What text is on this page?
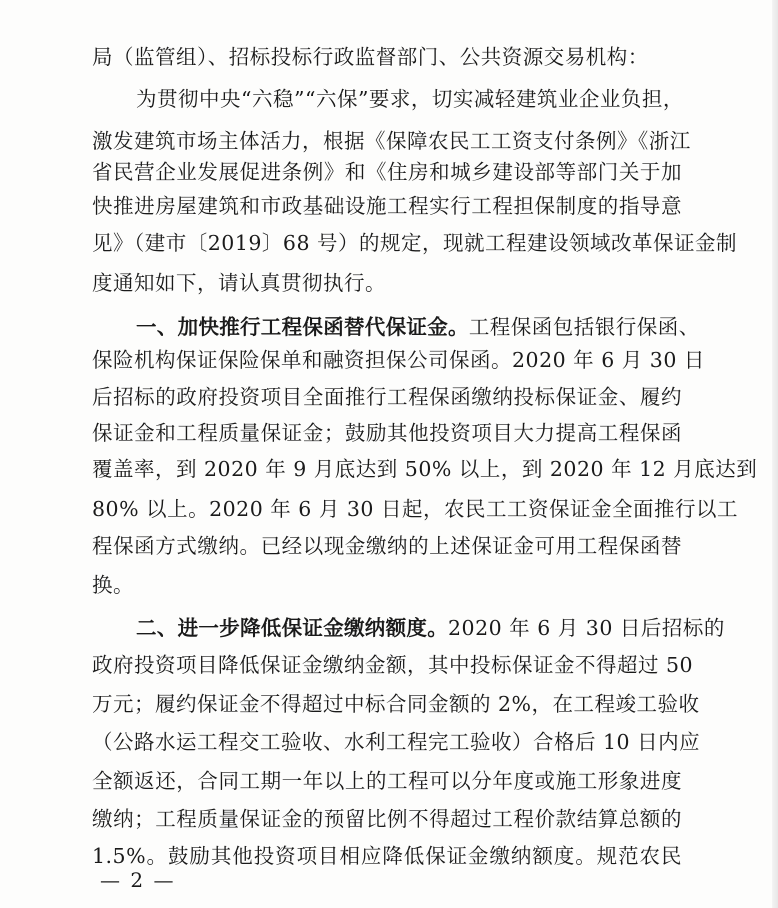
局（监管组）、招标投标行政监督部门、公共资源交易机构：
为贯彻中央“六稳”“六保”要求，切实减轻建筑业企业负担，
激发建筑市场主体活力，根据《保障农民工工资支付条例》《浙江
省民营企业发展促进条例》和《住房和城乡建设部等部门关于加
快推进房屋建筑和市政基础设施工程实行工程担保制度的指导意
见》（建市〔2019〕68 号）的规定，现就工程建设领域改革保证金制
度通知如下，请认真贯彻执行。
一、加快推行工程保函替代保证金。工程保函包括银行保函、
保险机构保证保险保单和融资担保公司保函。2020 年 6 月 30 日
后招标的政府投资项目全面推行工程保函缴纳投标保证金、履约
保证金和工程质量保证金；鼓励其他投资项目大力提高工程保函
覆盖率，到 2020 年 9 月底达到 50% 以上，到 2020 年 12 月底达到
80% 以上。2020 年 6 月 30 日起，农民工工资保证金全面推行以工
程保函方式缴纳。已经以现金缴纳的上述保证金可用工程保函替
换。
二、进一步降低保证金缴纳额度。2020 年 6 月 30 日后招标的
政府投资项目降低保证金缴纳金额，其中投标保证金不得超过 50
万元；履约保证金不得超过中标合同金额的 2%，在工程竣工验收
（公路水运工程交工验收、水利工程完工验收）合格后 10 日内应
全额返还，合同工期一年以上的工程可以分年度或施工形象进度
缴纳；工程质量保证金的预留比例不得超过工程价款结算总额的
1.5%。鼓励其他投资项目相应降低保证金缴纳额度。规范农民
— 2 —
